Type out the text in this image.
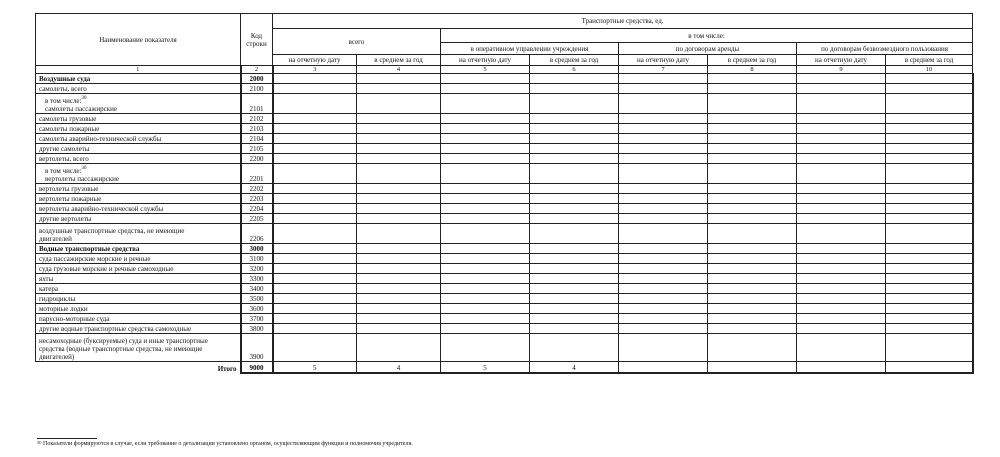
Наименование показателя	Код строки	Транспортные средства, ед.							
		всего		в том числе:					
				в оперативном управлении учреждения		по договорам аренды		по договорам безвозмездного пользования	
		на отчетную дату	в среднем за год	на отчетную дату	в среднем за год	на отчетную дату	в среднем за год	на отчетную дату	в среднем за год
1	2	3	4	5	6	7	8	9	10
Воздушные суда	2000								
самолеты, всего	2100								

в том числе:$^{30}$
самолеты пассажирские	2101								
самолеты грузовые	2102								
самолеты пожарные	2103								
самолеты аварийно-технической службы	2104								
другие самолеты	2105								
вертолеты, всего	2200								

в том числе:$^{30}$
вертолеты пассажирские	2201								
вертолеты грузовые	2202								
вертолеты пожарные	2203								
вертолеты аварийно-технической службы	2204								
другие вертолеты	2205								

воздушные транспортные средства, не имеющие
двигателей	2206								
Водные транспортные средства	3000								
суда пассажирские морские и речные	3100								
суда грузовые морские и речные самоходные	3200								
яхты	3300								
катера	3400								
гидроциклы	3500								
моторные лодки	3600								
парусно-моторные суда	3700								
другие водные транспортные средства самоходные	3800								

несамоходные (буксируемые) суда и иные транспортные
средства (водные транспортные средства, не имеющие
двигателей)	3900								
Итого	9000	5	4	5	4				
$^{30}$ Показатели формируются в случае, если требование о детализации установлено органом, осуществляющим функции и полномочия учредителя.
